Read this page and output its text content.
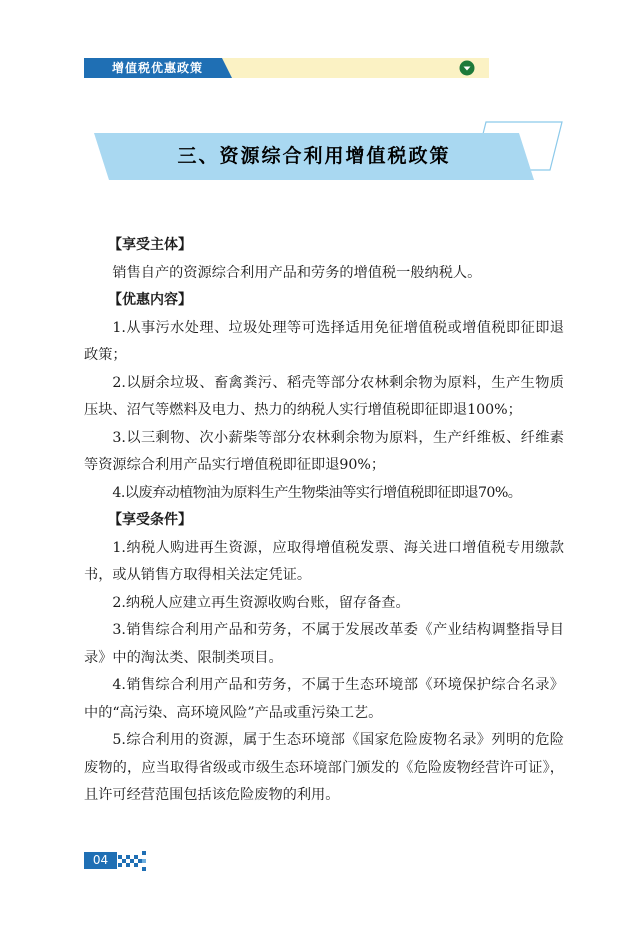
增值税优惠政策
三、资源综合利用增值税政策

【享受主体】

销售自产的资源综合利用产品和劳务的增值税一般纳税人。

【优惠内容】

1.从事污水处理、垃圾处理等可选择适用免征增值税或增值税即征即退政策；

2.以厨余垃圾、畜禽粪污、稻壳等部分农林剩余物为原料，生产生物质压块、沼气等燃料及电力、热力的纳税人实行增值税即征即退100%；

3.以三剩物、次小薪柴等部分农林剩余物为原料，生产纤维板、纤维素等资源综合利用产品实行增值税即征即退90%；

4.以废弃动植物油为原料生产生物柴油等实行增值税即征即退70%。

【享受条件】

1.纳税人购进再生资源，应取得增值税发票、海关进口增值税专用缴款书，或从销售方取得相关法定凭证。

2.纳税人应建立再生资源收购台账，留存备查。

3.销售综合利用产品和劳务，不属于发展改革委《产业结构调整指导目录》中的淘汰类、限制类项目。

4.销售综合利用产品和劳务，不属于生态环境部《环境保护综合名录》中的“高污染、高环境风险”产品或重污染工艺。

5.综合利用的资源，属于生态环境部《国家危险废物名录》列明的危险废物的，应当取得省级或市级生态环境部门颁发的《危险废物经营许可证》，且许可经营范围包括该危险废物的利用。

04
